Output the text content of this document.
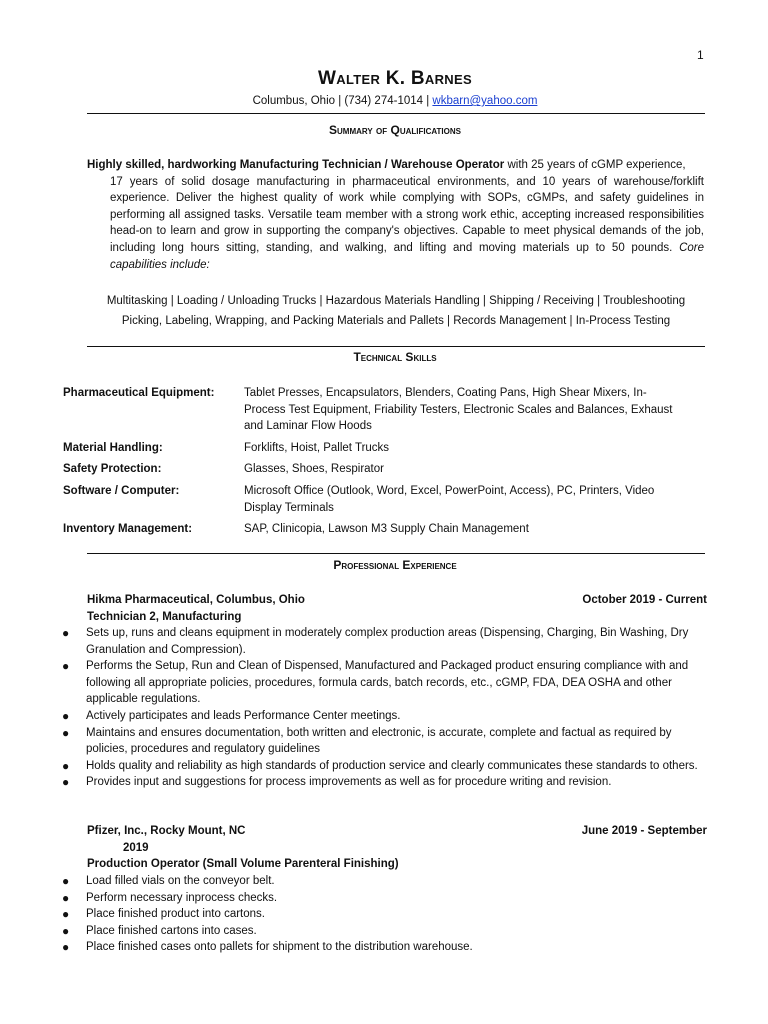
1
Walter K. Barnes
Columbus, Ohio | (734) 274-1014 | wkbarn@yahoo.com
Summary of Qualifications
Highly skilled, hardworking Manufacturing Technician / Warehouse Operator with 25 years of cGMP experience,
17 years of solid dosage manufacturing in pharmaceutical environments, and 10 years of warehouse/forklift experience. Deliver the highest quality of work while complying with SOPs, cGMPs, and safety guidelines in performing all assigned tasks. Versatile team member with a strong work ethic, accepting increased responsibilities head-on to learn and grow in supporting the company's objectives. Capable to meet physical demands of the job, including long hours sitting, standing, and walking, and lifting and moving materials up to 50 pounds. Core capabilities include:
Multitasking | Loading / Unloading Trucks | Hazardous Materials Handling | Shipping / Receiving | Troubleshooting
Picking, Labeling, Wrapping, and Packing Materials and Pallets | Records Management | In-Process Testing
Technical Skills
Pharmaceutical Equipment:	Tablet Presses, Encapsulators, Blenders, Coating Pans, High Shear Mixers, In-Process Test Equipment, Friability Testers, Electronic Scales and Balances, Exhaust and Laminar Flow Hoods
Material Handling:	Forklifts, Hoist, Pallet Trucks
Safety Protection:	Glasses, Shoes, Respirator
Software / Computer:	Microsoft Office (Outlook, Word, Excel, PowerPoint, Access), PC, Printers, Video Display Terminals
Inventory Management:	SAP, Clinicopia, Lawson M3 Supply Chain Management
Professional Experience
Hikma Pharmaceutical, Columbus, Ohio	October 2019 - Current
Technician 2, Manufacturing
● Sets up, runs and cleans equipment in moderately complex production areas (Dispensing, Charging, Bin Washing, Dry Granulation and Compression).
● Performs the Setup, Run and Clean of Dispensed, Manufactured and Packaged product ensuring compliance with and following all appropriate policies, procedures, formula cards, batch records, etc., cGMP, FDA, DEA OSHA and other applicable regulations.
● Actively participates and leads Performance Center meetings.
● Maintains and ensures documentation, both written and electronic, is accurate, complete and factual as required by policies, procedures and regulatory guidelines
● Holds quality and reliability as high standards of production service and clearly communicates these standards to others.
● Provides input and suggestions for process improvements as well as for procedure writing and revision.
Pfizer, Inc., Rocky Mount, NC	June 2019 - September
2019
Production Operator (Small Volume Parenteral Finishing)
● Load filled vials on the conveyor belt.
● Perform necessary inprocess checks.
● Place finished product into cartons.
● Place finished cartons into cases.
● Place finished cases onto pallets for shipment to the distribution warehouse.
